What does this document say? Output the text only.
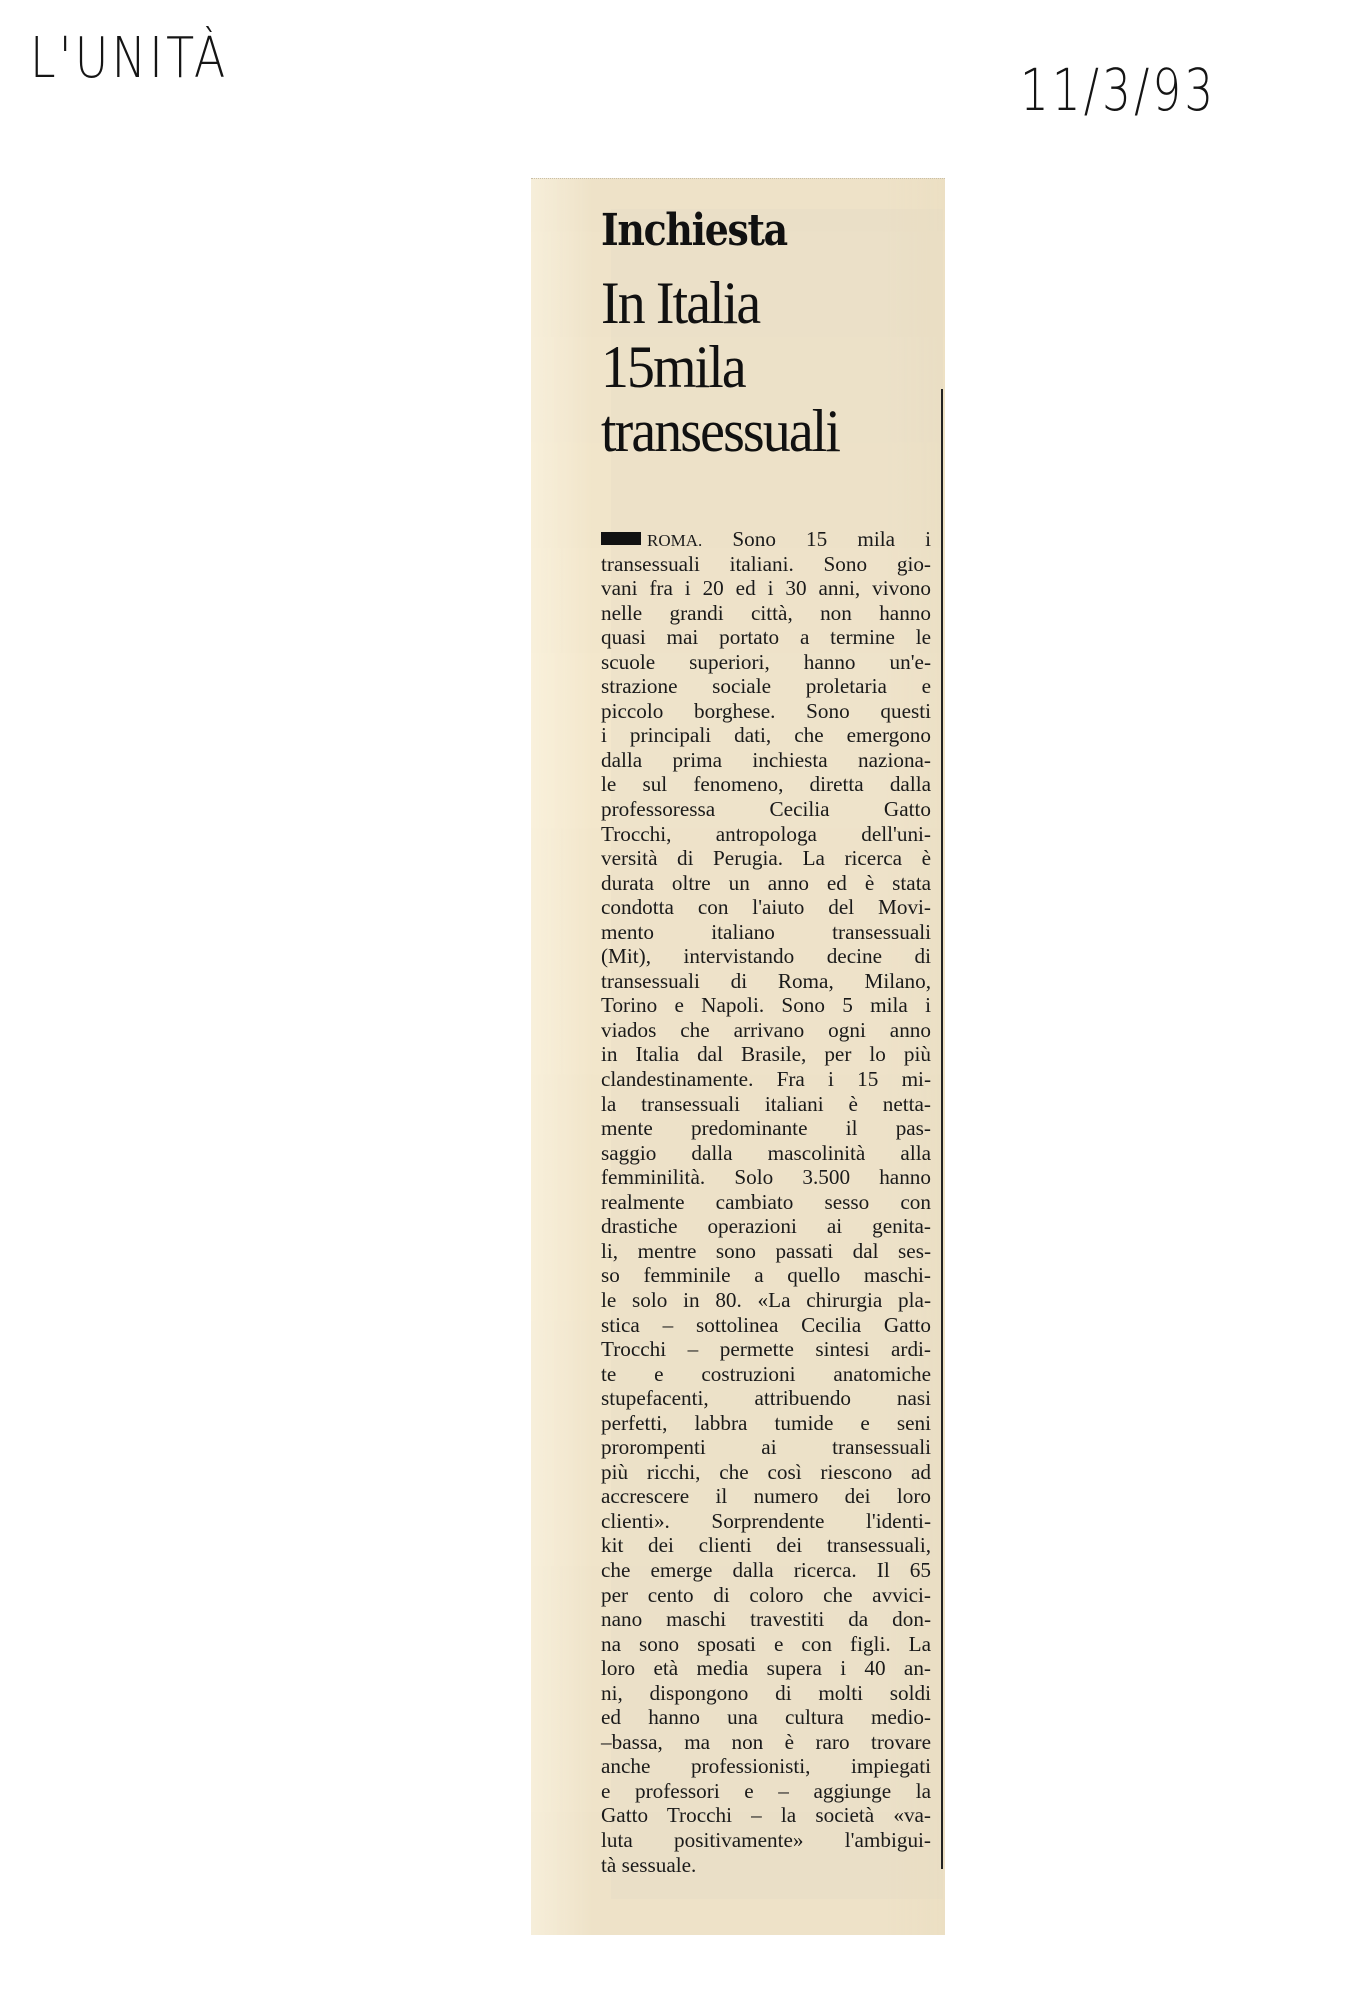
L'UNITÀ	11/3/93
Inchiesta
In Italia
15mila
transessuali
ROMA. Sono 15 mila i
transessuali italiani. Sono gio-
vani fra i 20 ed i 30 anni, vivono
nelle grandi città, non hanno
quasi mai portato a termine le
scuole superiori, hanno un'e-
strazione sociale proletaria e
piccolo borghese. Sono questi
i principali dati, che emergono
dalla prima inchiesta naziona-
le sul fenomeno, diretta dalla
professoressa Cecilia Gatto
Trocchi, antropologa dell'uni-
versità di Perugia. La ricerca è
durata oltre un anno ed è stata
condotta con l'aiuto del Movi-
mento italiano transessuali
(Mit), intervistando decine di
transessuali di Roma, Milano,
Torino e Napoli. Sono 5 mila i
viados che arrivano ogni anno
in Italia dal Brasile, per lo più
clandestinamente. Fra i 15 mi-
la transessuali italiani è netta-
mente predominante il pas-
saggio dalla mascolinità alla
femminilità. Solo 3.500 hanno
realmente cambiato sesso con
drastiche operazioni ai genita-
li, mentre sono passati dal ses-
so femminile a quello maschi-
le solo in 80. «La chirurgia pla-
stica – sottolinea Cecilia Gatto
Trocchi – permette sintesi ardi-
te e costruzioni anatomiche
stupefacenti, attribuendo nasi
perfetti, labbra tumide e seni
prorompenti ai transessuali
più ricchi, che così riescono ad
accrescere il numero dei loro
clienti». Sorprendente l'identi-
kit dei clienti dei transessuali,
che emerge dalla ricerca. Il 65
per cento di coloro che avvici-
nano maschi travestiti da don-
na sono sposati e con figli. La
loro età media supera i 40 an-
ni, dispongono di molti soldi
ed hanno una cultura medio-
–bassa, ma non è raro trovare
anche professionisti, impiegati
e professori e – aggiunge la
Gatto Trocchi – la società «va-
luta positivamente» l'ambigui-
tà sessuale.
